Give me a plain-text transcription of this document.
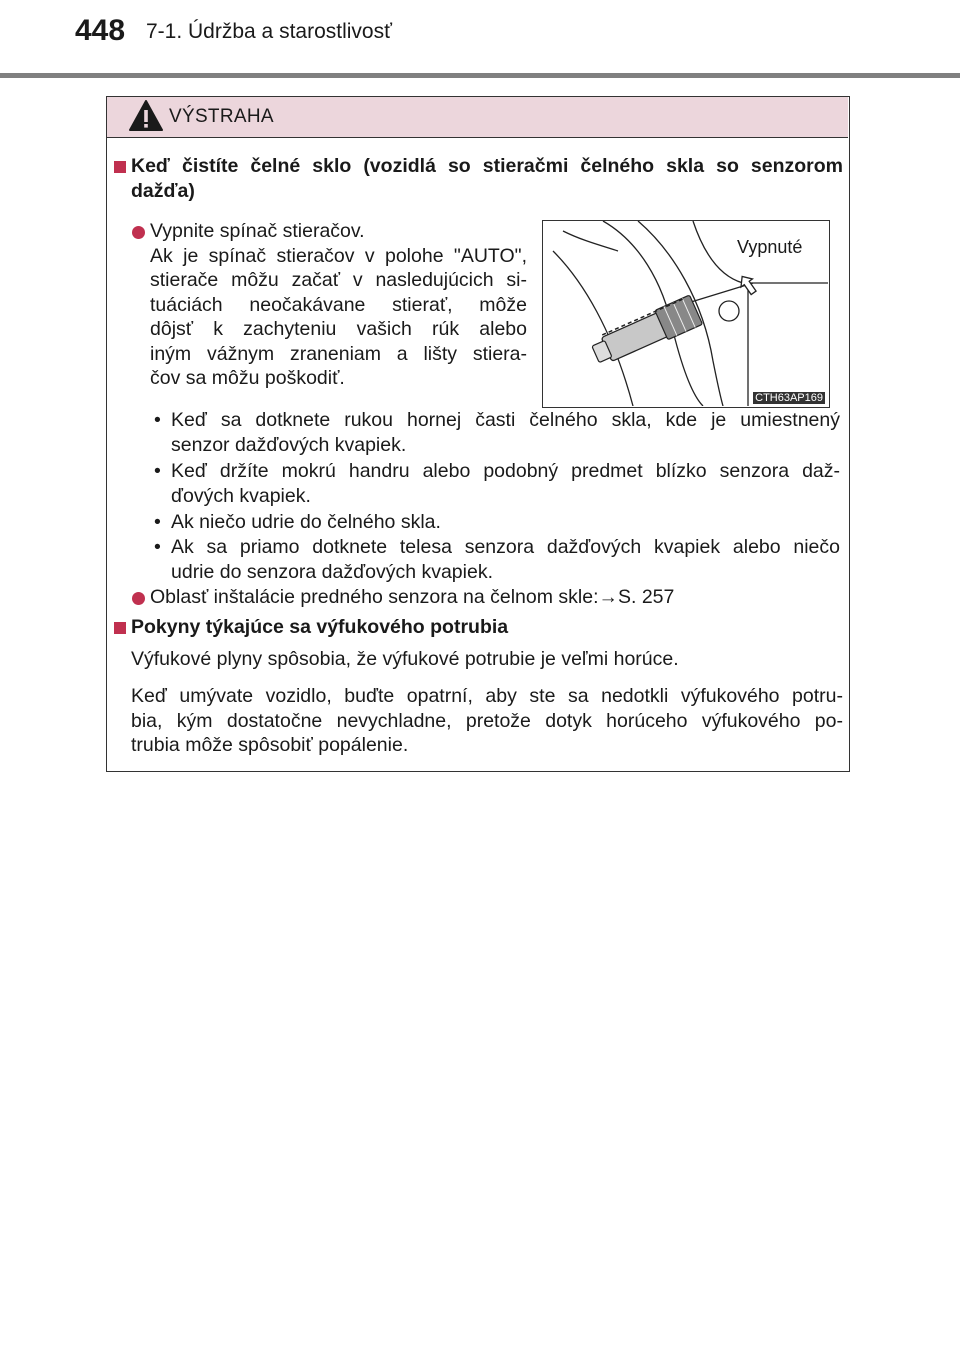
448 7-1. Údržba a starostlivosť
VÝSTRAHA
Keď čistíte čelné sklo (vozidlá so stieračmi čelného skla so senzorom
dažďa)
Vypnite spínač stieračov.
Ak je spínač stieračov v polohe "AUTO",
stierače môžu začať v nasledujúcich si-
tuáciách neočakávane stierať, môže
dôjsť k zachyteniu vašich rúk alebo
iným vážnym zraneniam a lišty stiera-
čov sa môžu poškodiť.
Vypnuté
CTH63AP169
• Keď sa dotknete rukou hornej časti čelného skla, kde je umiestnený
senzor dažďových kvapiek.
• Keď držíte mokrú handru alebo podobný predmet blízko senzora daž-
ďových kvapiek.
• Ak niečo udrie do čelného skla.
• Ak sa priamo dotknete telesa senzora dažďových kvapiek alebo niečo
udrie do senzora dažďových kvapiek.
Oblasť inštalácie predného senzora na čelnom skle:→S. 257
Pokyny týkajúce sa výfukového potrubia
Výfukové plyny spôsobia, že výfukové potrubie je veľmi horúce.
Keď umývate vozidlo, buďte opatrní, aby ste sa nedotkli výfukového potru-
bia, kým dostatočne nevychladne, pretože dotyk horúceho výfukového po-
trubia môže spôsobiť popálenie.
